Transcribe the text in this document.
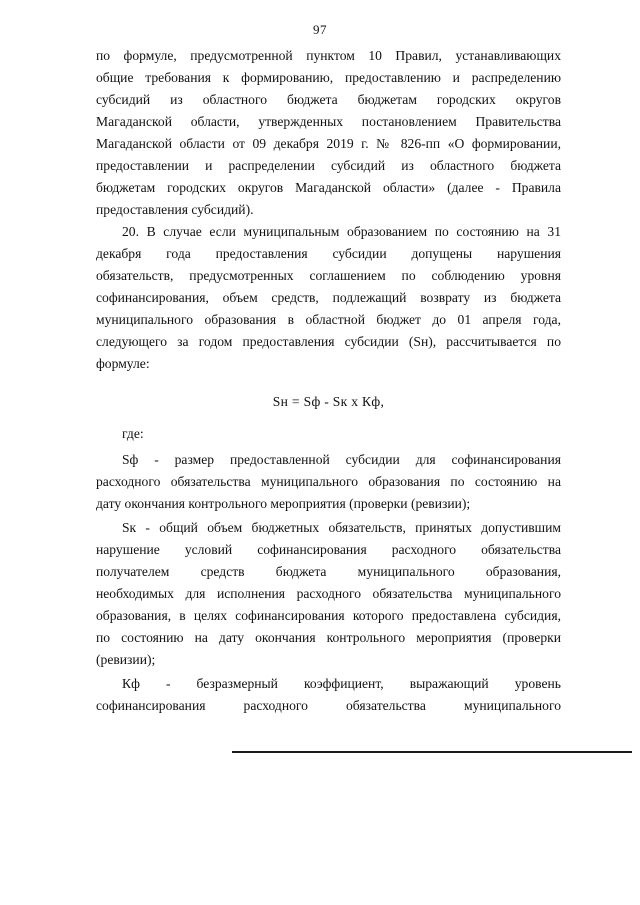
97
по формуле, предусмотренной пунктом 10 Правил, устанавливающих
общие требования к формированию, предоставлению и распределению
субсидий из областного бюджета бюджетам городских округов
Магаданской области, утвержденных постановлением Правительства
Магаданской области от 09 декабря 2019 г. № 826-пп «О формировании,
предоставлении и распределении субсидий из областного бюджета
бюджетам городских округов Магаданской области» (далее - Правила
предоставления субсидий).
20. В случае если муниципальным образованием по состоянию на 31
декабря года предоставления субсидии допущены нарушения
обязательств, предусмотренных соглашением по соблюдению уровня
софинансирования, объем средств, подлежащий возврату из бюджета
муниципального образования в областной бюджет до 01 апреля года,
следующего за годом предоставления субсидии (Sн), рассчитывается по
формуле:
Sн = Sф - Sк x Кф,
где:
Sф - размер предоставленной субсидии для софинансирования
расходного обязательства муниципального образования по состоянию на
дату окончания контрольного мероприятия (проверки (ревизии);
Sк - общий объем бюджетных обязательств, принятых допустившим
нарушение условий софинансирования расходного обязательства
получателем средств бюджета муниципального образования,
необходимых для исполнения расходного обязательства муниципального
образования, в целях софинансирования которого предоставлена субсидия,
по состоянию на дату окончания контрольного мероприятия (проверки
(ревизии);
Кф - безразмерный коэффициент, выражающий уровень
софинансирования расходного обязательства муниципального
